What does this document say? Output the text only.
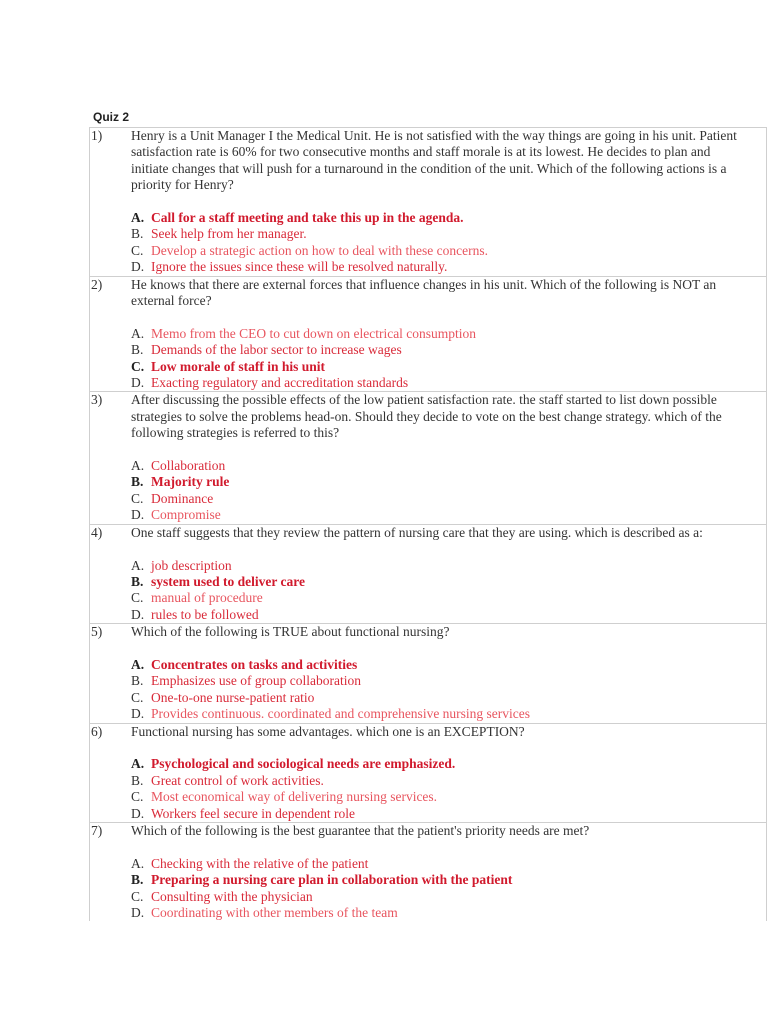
Quiz 2
1) Henry is a Unit Manager I the Medical Unit. He is not satisfied with the way things are going in his unit. Patient satisfaction rate is 60% for two consecutive months and staff morale is at its lowest. He decides to plan and initiate changes that will push for a turnaround in the condition of the unit. Which of the following actions is a priority for Henry?
A. Call for a staff meeting and take this up in the agenda.
B. Seek help from her manager.
C. Develop a strategic action on how to deal with these concerns.
D. Ignore the issues since these will be resolved naturally.
2) He knows that there are external forces that influence changes in his unit. Which of the following is NOT an external force?
A. Memo from the CEO to cut down on electrical consumption
B. Demands of the labor sector to increase wages
C. Low morale of staff in his unit
D. Exacting regulatory and accreditation standards
3) After discussing the possible effects of the low patient satisfaction rate. the staff started to list down possible strategies to solve the problems head-on. Should they decide to vote on the best change strategy. which of the following strategies is referred to this?
A. Collaboration
B. Majority rule
C. Dominance
D. Compromise
4) One staff suggests that they review the pattern of nursing care that they are using. which is described as a:
A. job description
B. system used to deliver care
C. manual of procedure
D. rules to be followed
5) Which of the following is TRUE about functional nursing?
A. Concentrates on tasks and activities
B. Emphasizes use of group collaboration
C. One-to-one nurse-patient ratio
D. Provides continuous. coordinated and comprehensive nursing services
6) Functional nursing has some advantages. which one is an EXCEPTION?
A. Psychological and sociological needs are emphasized.
B. Great control of work activities.
C. Most economical way of delivering nursing services.
D. Workers feel secure in dependent role
7) Which of the following is the best guarantee that the patient's priority needs are met?
A. Checking with the relative of the patient
B. Preparing a nursing care plan in collaboration with the patient
C. Consulting with the physician
D. Coordinating with other members of the team
